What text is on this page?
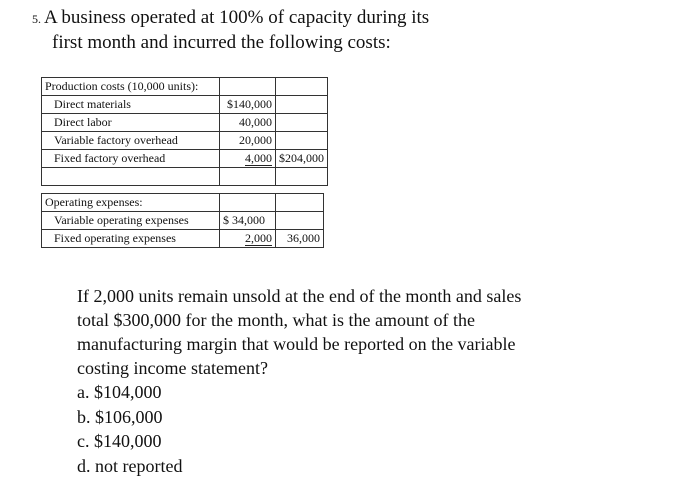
5. A business operated at 100% of capacity during its
first month and incurred the following costs:
Production costs (10,000 units):		
Direct materials	$140,000	
Direct labor	40,000	
Variable factory overhead	20,000	
Fixed factory overhead	4,000	$204,000

Operating expenses:		
Variable operating expenses	$ 34,000	
Fixed operating expenses	2,000	36,000
If 2,000 units remain unsold at the end of the month and sales
total $300,000 for the month, what is the amount of the
manufacturing margin that would be reported on the variable
costing income statement?
a. $104,000
b. $106,000
c. $140,000
d. not reported
